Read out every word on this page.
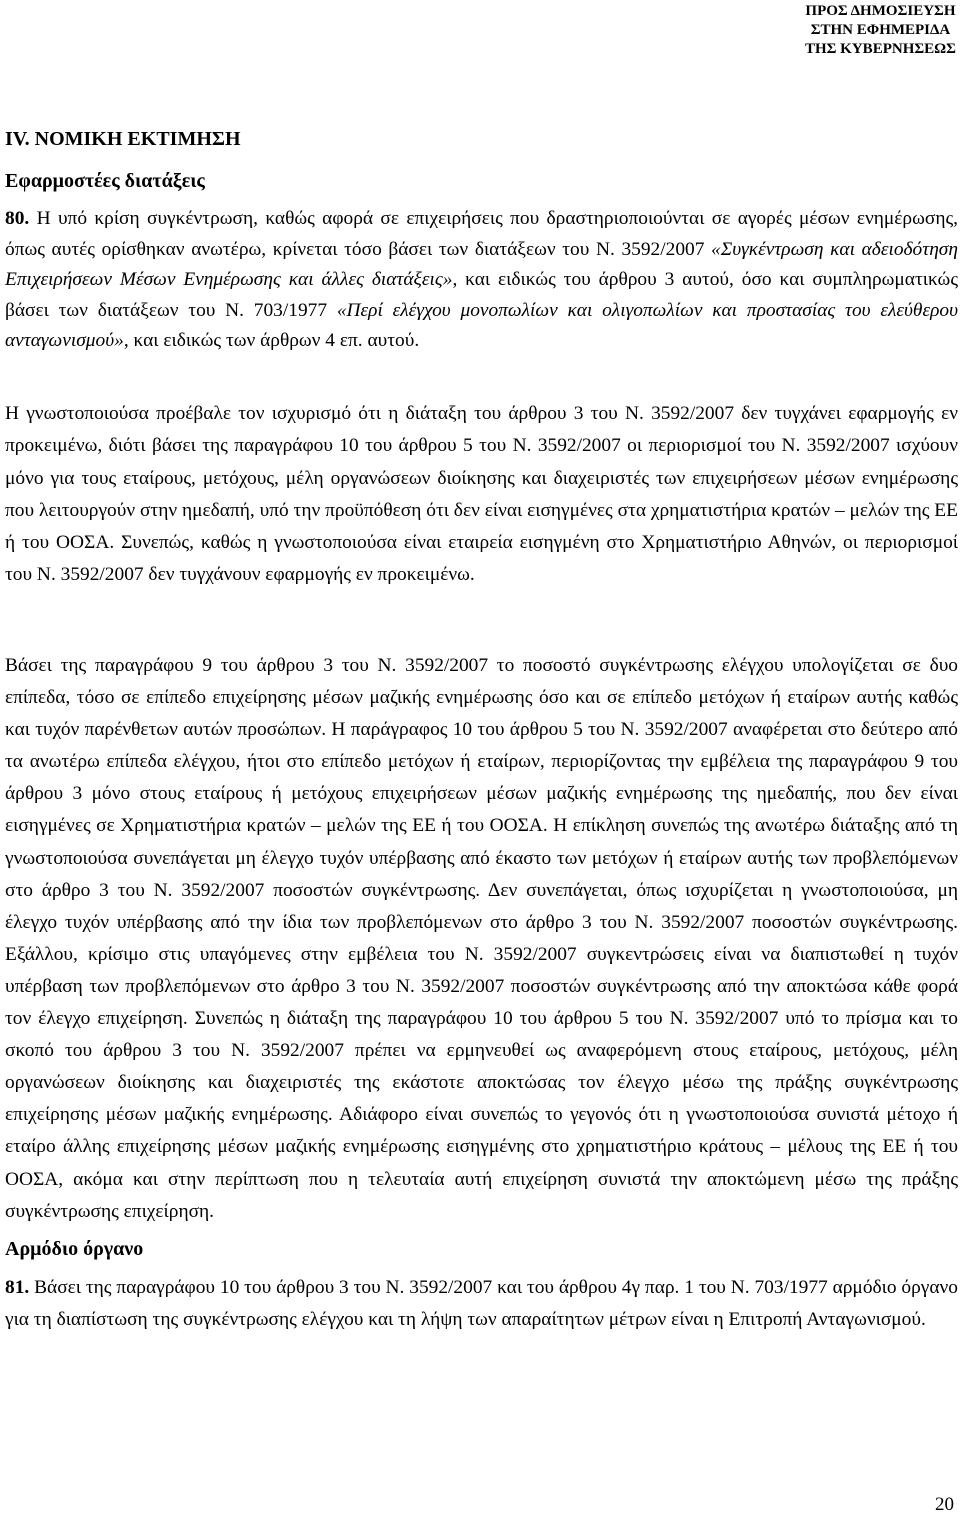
ΠΡΟΣ ΔΗΜΟΣΙΕΥΣΗ
ΣΤΗΝ ΕΦΗΜΕΡΙΔΑ
ΤΗΣ ΚΥΒΕΡΝΗΣΕΩΣ
IV. ΝΟΜΙΚΗ ΕΚΤΙΜΗΣΗ
Εφαρμοστέες διατάξεις

80. Η υπό κρίση συγκέντρωση, καθώς αφορά σε επιχειρήσεις που δραστηριοποιούνται σε αγορές μέσων ενημέρωσης, όπως αυτές ορίσθηκαν ανωτέρω, κρίνεται τόσο βάσει των διατάξεων του Ν. 3592/2007 «Συγκέντρωση και αδειοδότηση Επιχειρήσεων Μέσων Ενημέρωσης και άλλες διατάξεις», και ειδικώς του άρθρου 3 αυτού, όσο και συμπληρωματικώς βάσει των διατάξεων του Ν. 703/1977 «Περί ελέγχου μονοπωλίων και ολιγοπωλίων και προστασίας του ελεύθερου ανταγωνισμού», και ειδικώς των άρθρων 4 επ. αυτού.

Η γνωστοποιούσα προέβαλε τον ισχυρισμό ότι η διάταξη του άρθρου 3 του Ν. 3592/2007 δεν τυγχάνει εφαρμογής εν προκειμένω, διότι βάσει της παραγράφου 10 του άρθρου 5 του Ν. 3592/2007 οι περιορισμοί του Ν. 3592/2007 ισχύουν μόνο για τους εταίρους, μετόχους, μέλη οργανώσεων διοίκησης και διαχειριστές των επιχειρήσεων μέσων ενημέρωσης που λειτουργούν στην ημεδαπή, υπό την προϋπόθεση ότι δεν είναι εισηγμένες στα χρηματιστήρια κρατών – μελών της ΕΕ ή του ΟΟΣΑ. Συνεπώς, καθώς η γνωστοποιούσα είναι εταιρεία εισηγμένη στο Χρηματιστήριο Αθηνών, οι περιορισμοί του Ν. 3592/2007 δεν τυγχάνουν εφαρμογής εν προκειμένω.

Βάσει της παραγράφου 9 του άρθρου 3 του Ν. 3592/2007 το ποσοστό συγκέντρωσης ελέγχου υπολογίζεται σε δυο επίπεδα, τόσο σε επίπεδο επιχείρησης μέσων μαζικής ενημέρωσης όσο και σε επίπεδο μετόχων ή εταίρων αυτής καθώς και τυχόν παρένθετων αυτών προσώπων. Η παράγραφος 10 του άρθρου 5 του Ν. 3592/2007 αναφέρεται στο δεύτερο από τα ανωτέρω επίπεδα ελέγχου, ήτοι στο επίπεδο μετόχων ή εταίρων, περιορίζοντας την εμβέλεια της παραγράφου 9 του άρθρου 3 μόνο στους εταίρους ή μετόχους επιχειρήσεων μέσων μαζικής ενημέρωσης της ημεδαπής, που δεν είναι εισηγμένες σε Χρηματιστήρια κρατών – μελών της ΕΕ ή του ΟΟΣΑ. Η επίκληση συνεπώς της ανωτέρω διάταξης από τη γνωστοποιούσα συνεπάγεται μη έλεγχο τυχόν υπέρβασης από έκαστο των μετόχων ή εταίρων αυτής των προβλεπόμενων στο άρθρο 3 του Ν. 3592/2007 ποσοστών συγκέντρωσης. Δεν συνεπάγεται, όπως ισχυρίζεται η γνωστοποιούσα, μη έλεγχο τυχόν υπέρβασης από την ίδια των προβλεπόμενων στο άρθρο 3 του Ν. 3592/2007 ποσοστών συγκέντρωσης. Εξάλλου, κρίσιμο στις υπαγόμενες στην εμβέλεια του Ν. 3592/2007 συγκεντρώσεις είναι να διαπιστωθεί η τυχόν υπέρβαση των προβλεπόμενων στο άρθρο 3 του Ν. 3592/2007 ποσοστών συγκέντρωσης από την αποκτώσα κάθε φορά τον έλεγχο επιχείρηση. Συνεπώς η διάταξη της παραγράφου 10 του άρθρου 5 του Ν. 3592/2007 υπό το πρίσμα και το σκοπό του άρθρου 3 του Ν. 3592/2007 πρέπει να ερμηνευθεί ως αναφερόμενη στους εταίρους, μετόχους, μέλη οργανώσεων διοίκησης και διαχειριστές της εκάστοτε αποκτώσας τον έλεγχο μέσω της πράξης συγκέντρωσης επιχείρησης μέσων μαζικής ενημέρωσης. Αδιάφορο είναι συνεπώς το γεγονός ότι η γνωστοποιούσα συνιστά μέτοχο ή εταίρο άλλης επιχείρησης μέσων μαζικής ενημέρωσης εισηγμένης στο χρηματιστήριο κράτους – μέλους της ΕΕ ή του ΟΟΣΑ, ακόμα και στην περίπτωση που η τελευταία αυτή επιχείρηση συνιστά την αποκτώμενη μέσω της πράξης συγκέντρωσης επιχείρηση.

Αρμόδιο όργανο

81. Βάσει της παραγράφου 10 του άρθρου 3 του Ν. 3592/2007 και του άρθρου 4γ παρ. 1 του Ν. 703/1977 αρμόδιο όργανο για τη διαπίστωση της συγκέντρωσης ελέγχου και τη λήψη των απαραίτητων μέτρων είναι η Επιτροπή Ανταγωνισμού.

20
